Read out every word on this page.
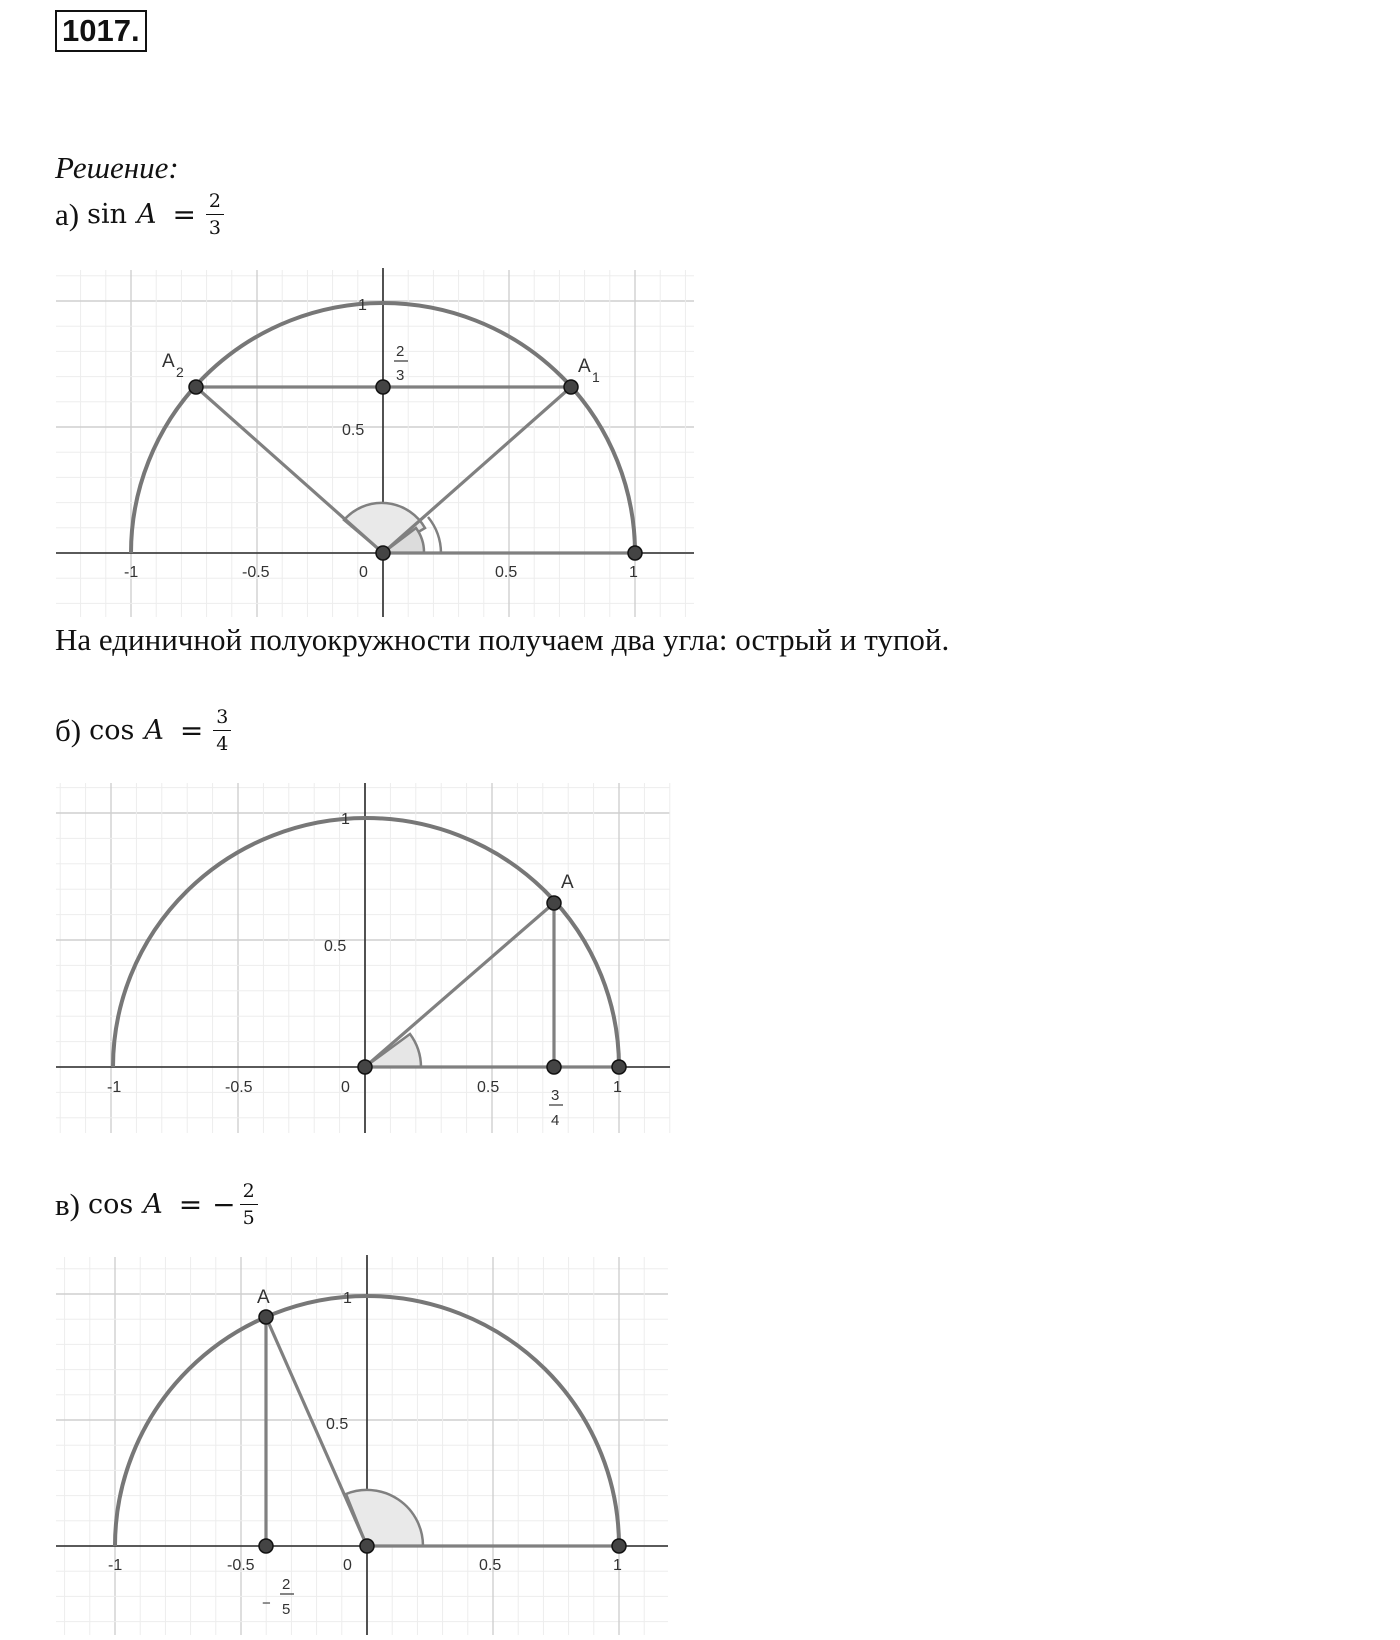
1017.
Решение:
а) $\sin A = \frac{2}{3}$
-1	-0.5	0	0.5	1
1
0.5
A 2	A 1
2
3
На единичной полуокружности получаем два угла: острый и тупой.
б) $\cos A = \frac{3}{4}$
-1	-0.5	0	0.5	1
1
0.5
A
3
4
в) cos A = − $\frac{2}{5}$
-1	-0.5	0	0.5	1
1
0.5
A
−
2
5
